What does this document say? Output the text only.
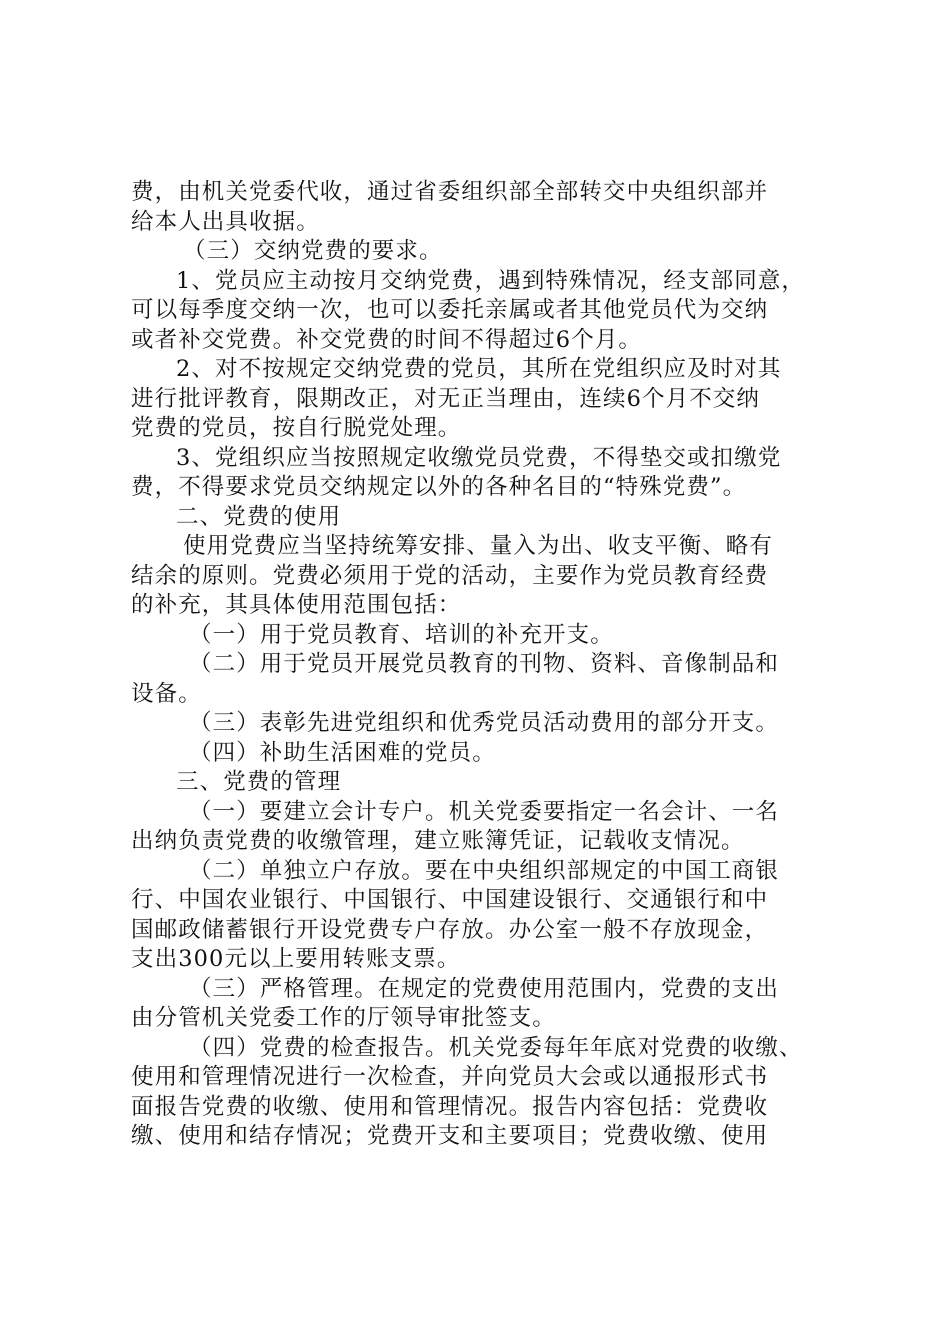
费，由机关党委代收，通过省委组织部全部转交中央组织部并
给本人出具收据。
（三）交纳党费的要求。
1、党员应主动按月交纳党费，遇到特殊情况，经支部同意，
可以每季度交纳一次，也可以委托亲属或者其他党员代为交纳
或者补交党费。补交党费的时间不得超过6个月。
2、对不按规定交纳党费的党员，其所在党组织应及时对其
进行批评教育，限期改正，对无正当理由，连续6个月不交纳
党费的党员，按自行脱党处理。
3、党组织应当按照规定收缴党员党费，不得垫交或扣缴党
费，不得要求党员交纳规定以外的各种名目的“特殊党费”。
二、党费的使用
使用党费应当坚持统筹安排、量入为出、收支平衡、略有
结余的原则。党费必须用于党的活动，主要作为党员教育经费
的补充，其具体使用范围包括：
（一）用于党员教育、培训的补充开支。
（二）用于党员开展党员教育的刊物、资料、音像制品和
设备。
（三）表彰先进党组织和优秀党员活动费用的部分开支。
（四）补助生活困难的党员。
三、党费的管理
（一）要建立会计专户。机关党委要指定一名会计、一名
出纳负责党费的收缴管理，建立账簿凭证，记载收支情况。
（二）单独立户存放。要在中央组织部规定的中国工商银
行、中国农业银行、中国银行、中国建设银行、交通银行和中
国邮政储蓄银行开设党费专户存放。办公室一般不存放现金，
支出300元以上要用转账支票。
（三）严格管理。在规定的党费使用范围内，党费的支出
由分管机关党委工作的厅领导审批签支。
（四）党费的检查报告。机关党委每年年底对党费的收缴、
使用和管理情况进行一次检查，并向党员大会或以通报形式书
面报告党费的收缴、使用和管理情况。报告内容包括：党费收
缴、使用和结存情况；党费开支和主要项目；党费收缴、使用
